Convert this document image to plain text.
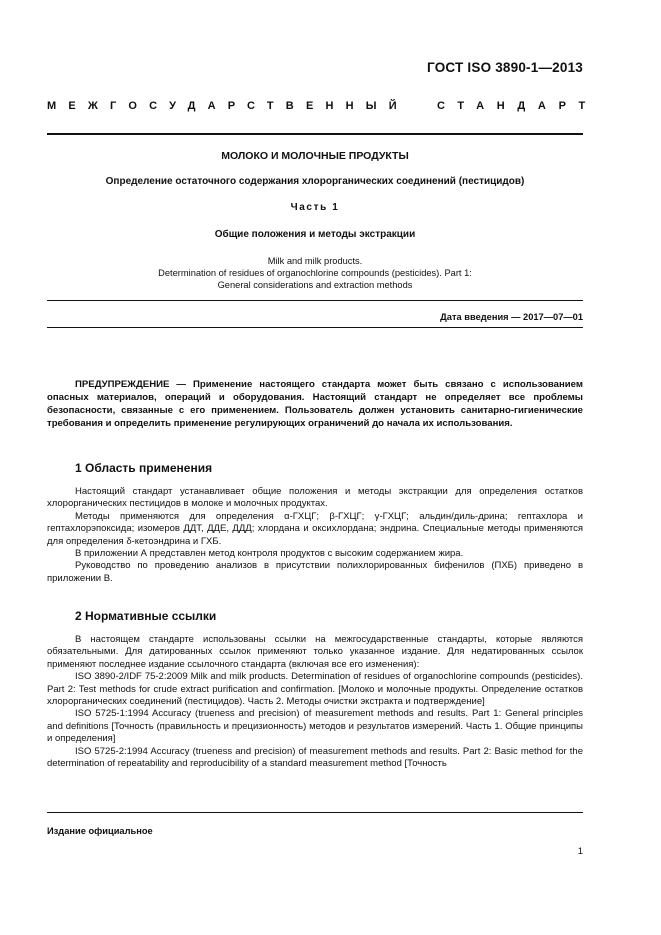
ГОСТ ISO 3890-1—2013
МЕЖГОСУДАРСТВЕННЫЙ	СТАНДАРТ
МОЛОКО И МОЛОЧНЫЕ ПРОДУКТЫ
Определение остаточного содержания хлорорганических соединений (пестицидов)
Часть 1
Общие положения и методы экстракции
Milk and milk products.
Determination of residues of organochlorine compounds (pesticides). Part 1:
General considerations and extraction methods
Дата введения — 2017—07—01

ПРЕДУПРЕЖДЕНИЕ — Применение настоящего стандарта может быть связано с использованием опасных материалов, операций и оборудования. Настоящий стандарт не определяет все проблемы безопасности, связанные с его применением. Пользователь должен установить санитарно-гигиенические требования и определить применение регулирующих ограничений до начала их использования.

1 Область применения

Настоящий стандарт устанавливает общие положения и методы экстракции для определения остатков хлорорганических пестицидов в молоке и молочных продуктах.

Методы применяются для определения α-ГХЦГ; β-ГХЦГ; γ-ГХЦГ; альдин/диль-дрина; гептахлора и гептахлорэпоксида; изомеров ДДТ, ДДЕ, ДДД; хлордана и оксихлордана; эндрина. Специальные методы применяются для определения δ-кетоэндрина и ГХБ.

В приложении А представлен метод контроля продуктов с высоким содержанием жира.

Руководство по проведению анализов в присутствии полихлорированных бифенилов (ПХБ) приведено в приложении В.

2 Нормативные ссылки

В настоящем стандарте использованы ссылки на межгосударственные стандарты, которые являются обязательными. Для датированных ссылок применяют только указанное издание. Для недатированных ссылок применяют последнее издание ссылочного стандарта (включая все его изменения):

ISO 3890-2/IDF 75-2:2009 Milk and milk products. Determination of residues of organochlorine compounds (pesticides). Part 2: Test methods for crude extract purification and confirmation. [Молоко и молочные продукты. Определение остатков хлорорганических соединений (пестицидов). Часть 2. Методы очистки экстракта и подтверждение]

ISO 5725-1:1994 Accuracy (trueness and precision) of measurement methods and results. Part 1: General principles and definitions [Точность (правильность и прецизионность) методов и результатов измерений. Часть 1. Общие принципы и определения]

ISO 5725-2:1994 Accuracy (trueness and precision) of measurement methods and results. Part 2: Basic method for the determination of repeatability and reproducibility of a standard measurement method [Точность

Издание официальное
1
